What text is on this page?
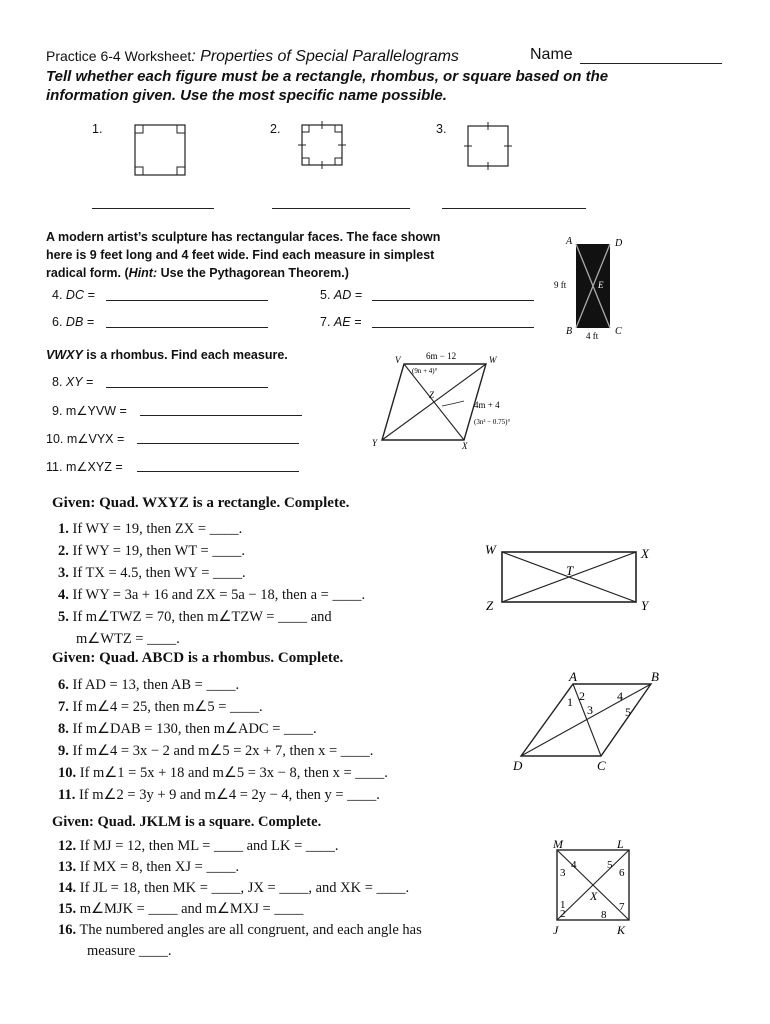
Practice 6-4 Worksheet: Properties of Special Parallelograms	Name
Tell whether each figure must be a rectangle, rhombus, or square based on the information given. Use the most specific name possible.
1.	2.	3.
A modern artist’s sculpture has rectangular faces. The face shown
here is 9 feet long and 4 feet wide. Find each measure in simplest
radical form. (Hint: Use the Pythagorean Theorem.)
4. DC =	5. AD =
6. DB =	7. AE =
A	D
B	C
E
9 ft
4 ft
VWXY is a rhombus. Find each measure.
8. XY =
9. m∠YVW =
10. m∠VYX =
11. m∠XYZ =
V	W
X
Y
Z
6m − 12
(9n + 4)°
4m + 4
(3n² − 0.75)°
Given: Quad. WXYZ is a rectangle. Complete.
1. If WY = 19, then ZX = ____.
2. If WY = 19, then WT = ____.
3. If TX = 4.5, then WY = ____.
4. If WY = 3a + 16 and ZX = 5a − 18, then a = ____.
5. If m∠TWZ = 70, then m∠TZW = ____ and
m∠WTZ = ____.
W	X
Y
Z
T
Given: Quad. ABCD is a rhombus. Complete.
6. If AD = 13, then AB = ____.
7. If m∠4 = 25, then m∠5 = ____.
8. If m∠DAB = 130, then m∠ADC = ____.
9. If m∠4 = 3x − 2 and m∠5 = 2x + 7, then x = ____.
10. If m∠1 = 5x + 18 and m∠5 = 3x − 8, then x = ____.
11. If m∠2 = 3y + 9 and m∠4 = 2y − 4, then y = ____.
A	B
C
D
1 2
3
4
5
Given: Quad. JKLM is a square. Complete.
12. If MJ = 12, then ML = ____ and LK = ____.
13. If MX = 8, then XJ = ____.
14. If JL = 18, then MK = ____, JX = ____, and XK = ____.
15. m∠MJK = ____ and m∠MXJ = ____
16. The numbered angles are all congruent, and each angle has
measure ____.
M	L
J	K
X
1
2
3
4	5
6
7
8
